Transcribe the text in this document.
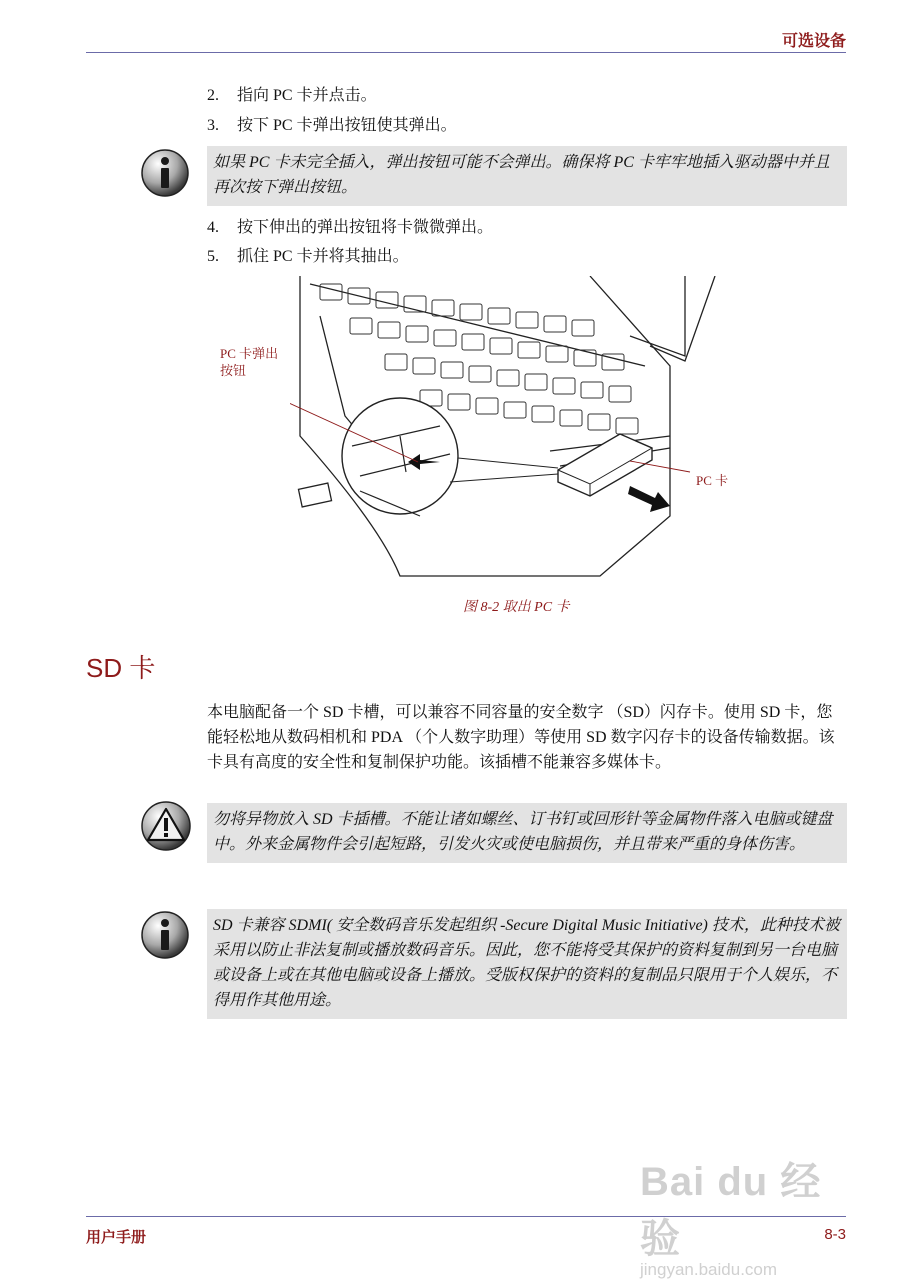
可选设备
2. 指向 PC 卡并点击。
3. 按下 PC 卡弹出按钮使其弹出。
如果 PC 卡未完全插入，弹出按钮可能不会弹出。确保将 PC 卡牢牢地插入驱动器中并且再次按下弹出按钮。
4. 按下伸出的弹出按钮将卡微微弹出。
5. 抓住 PC 卡并将其抽出。
PC 卡弹出
按钮
PC 卡
图 8-2 取出 PC 卡
SD 卡
本电脑配备一个 SD 卡槽，可以兼容不同容量的安全数字 （SD）闪存卡。使用 SD 卡，您能轻松地从数码相机和 PDA （个人数字助理）等使用 SD 数字闪存卡的设备传输数据。该卡具有高度的安全性和复制保护功能。该插槽不能兼容多媒体卡。
勿将异物放入 SD 卡插槽。不能让诸如螺丝、订书钉或回形针等金属物件落入电脑或键盘中。外来金属物件会引起短路，引发火灾或使电脑损伤，并且带来严重的身体伤害。
SD 卡兼容 SDMI( 安全数码音乐发起组织 -Secure Digital Music Initiative) 技术，此种技术被采用以防止非法复制或播放数码音乐。因此，您不能将受其保护的资料复制到另一台电脑或设备上或在其他电脑或设备上播放。受版权保护的资料的复制品只限用于个人娱乐，不得用作其他用途。
Bai du 经验
jingyan.baidu.com
用户手册	8-3
